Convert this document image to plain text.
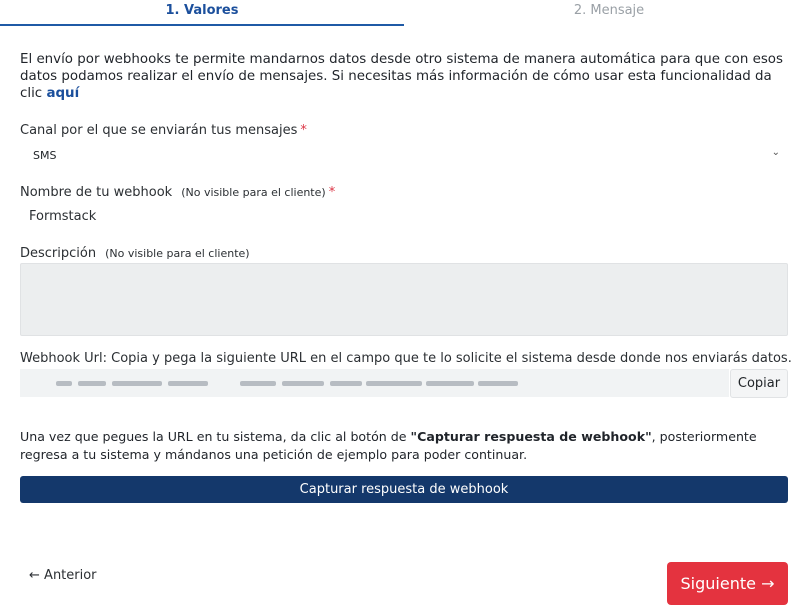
1. Valores	2. Mensaje
El envío por webhooks te permite mandarnos datos desde otro sistema de manera automática para que con esos datos podamos realizar el envío de mensajes. Si necesitas más información de cómo usar esta funcionalidad da clic aquí
Canal por el que se enviarán tus mensajes *
SMS	⌄
Nombre de tu webhook (No visible para el cliente) *
Formstack
Descripción (No visible para el cliente)
Webhook Url: Copia y pega la siguiente URL en el campo que te lo solicite el sistema desde donde nos enviarás datos.
Copiar
Una vez que pegues la URL en tu sistema, da clic al botón de "Capturar respuesta de webhook", posteriormente regresa a tu sistema y mándanos una petición de ejemplo para poder continuar.
Capturar respuesta de webhook
← Anterior	Siguiente →
